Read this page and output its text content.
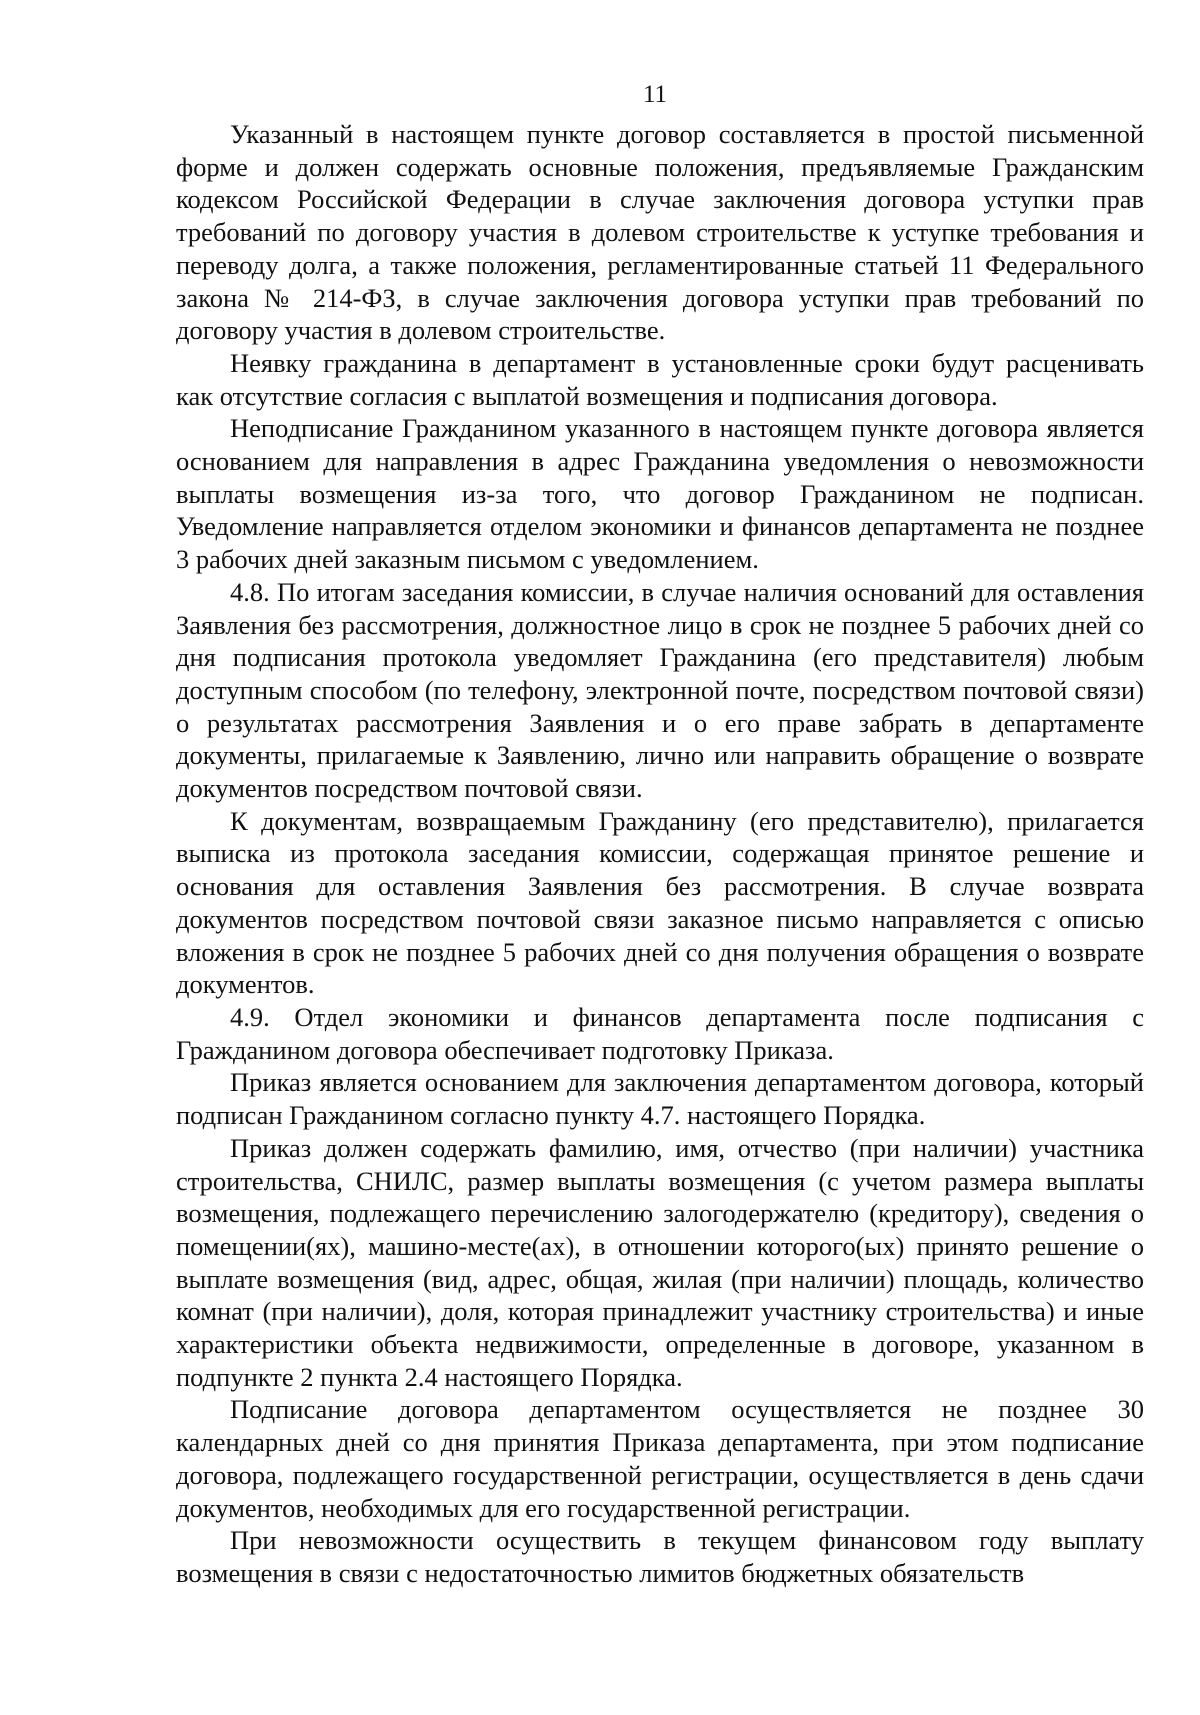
11

Указанный в настоящем пункте договор составляется в простой письменной форме и должен содержать основные положения, предъявляемые Гражданским кодексом Российской Федерации в случае заключения договора уступки прав требований по договору участия в долевом строительстве к уступке требования и переводу долга, а также положения, регламентированные статьей 11 Федерального закона № 214-ФЗ, в случае заключения договора уступки прав требований по договору участия в долевом строительстве.

Неявку гражданина в департамент в установленные сроки будут расценивать как отсутствие согласия с выплатой возмещения и подписания договора.

Неподписание Гражданином указанного в настоящем пункте договора является основанием для направления в адрес Гражданина уведомления о невозможности выплаты возмещения из-за того, что договор Гражданином не подписан. Уведомление направляется отделом экономики и финансов департамента не позднее 3 рабочих дней заказным письмом с уведомлением.

4.8. По итогам заседания комиссии, в случае наличия оснований для оставления Заявления без рассмотрения, должностное лицо в срок не позднее 5 рабочих дней со дня подписания протокола уведомляет Гражданина (его представителя) любым доступным способом (по телефону, электронной почте, посредством почтовой связи) о результатах рассмотрения Заявления и о его праве забрать в департаменте документы, прилагаемые к Заявлению, лично или направить обращение о возврате документов посредством почтовой связи.

К документам, возвращаемым Гражданину (его представителю), прилагается выписка из протокола заседания комиссии, содержащая принятое решение и основания для оставления Заявления без рассмотрения. В случае возврата документов посредством почтовой связи заказное письмо направляется с описью вложения в срок не позднее 5 рабочих дней со дня получения обращения о возврате документов.

4.9. Отдел экономики и финансов департамента после подписания с Гражданином договора обеспечивает подготовку Приказа.

Приказ является основанием для заключения департаментом договора, который подписан Гражданином согласно пункту 4.7. настоящего Порядка.

Приказ должен содержать фамилию, имя, отчество (при наличии) участника строительства, СНИЛС, размер выплаты возмещения (с учетом размера выплаты возмещения, подлежащего перечислению залогодержателю (кредитору), сведения о помещении(ях), машино-месте(ах), в отношении которого(ых) принято решение о выплате возмещения (вид, адрес, общая, жилая (при наличии) площадь, количество комнат (при наличии), доля, которая принадлежит участнику строительства) и иные характеристики объекта недвижимости, определенные в договоре, указанном в подпункте 2 пункта 2.4 настоящего Порядка.

Подписание договора департаментом осуществляется не позднее 30 календарных дней со дня принятия Приказа департамента, при этом подписание договора, подлежащего государственной регистрации, осуществляется в день сдачи документов, необходимых для его государственной регистрации.

При невозможности осуществить в текущем финансовом году выплату возмещения в связи с недостаточностью лимитов бюджетных обязательств
